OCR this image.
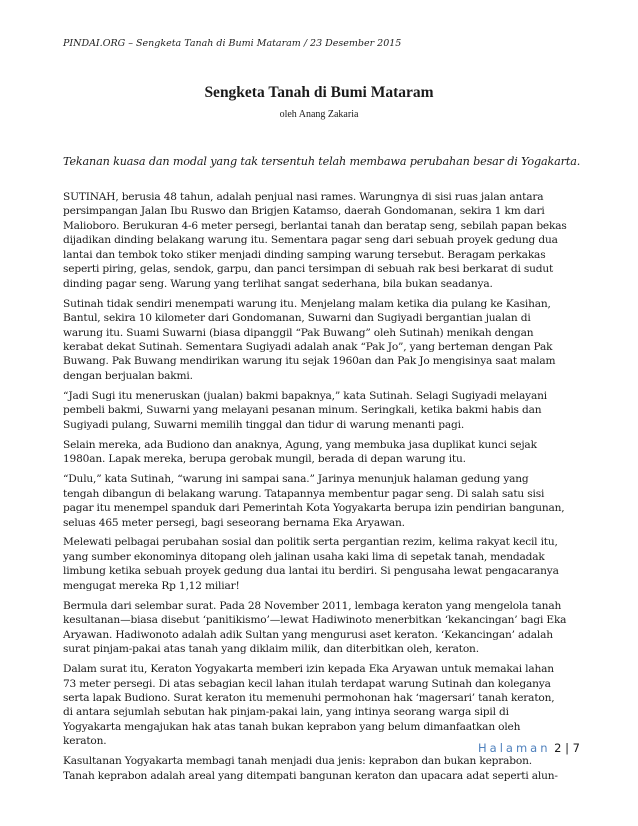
PINDAI.ORG – Sengketa Tanah di Bumi Mataram / 23 Desember 2015
Sengketa Tanah di Bumi Mataram
oleh Anang Zakaria
Tekanan kuasa dan modal yang tak tersentuh telah membawa perubahan besar di Yogakarta.

SUTINAH, berusia 48 tahun, adalah penjual nasi rames. Warungnya di sisi ruas jalan antara
persimpangan Jalan Ibu Ruswo dan Brigjen Katamso, daerah Gondomanan, sekira 1 km dari
Malioboro. Berukuran 4-6 meter persegi, berlantai tanah dan beratap seng, sebilah papan bekas
dijadikan dinding belakang warung itu. Sementara pagar seng dari sebuah proyek gedung dua
lantai dan tembok toko stiker menjadi dinding samping warung tersebut. Beragam perkakas
seperti piring, gelas, sendok, garpu, dan panci tersimpan di sebuah rak besi berkarat di sudut
dinding pagar seng. Warung yang terlihat sangat sederhana, bila bukan seadanya.

Sutinah tidak sendiri menempati warung itu. Menjelang malam ketika dia pulang ke Kasihan,
Bantul, sekira 10 kilometer dari Gondomanan, Suwarni dan Sugiyadi bergantian jualan di
warung itu. Suami Suwarni (biasa dipanggil “Pak Buwang” oleh Sutinah) menikah dengan
kerabat dekat Sutinah. Sementara Sugiyadi adalah anak “Pak Jo”, yang berteman dengan Pak
Buwang. Pak Buwang mendirikan warung itu sejak 1960an dan Pak Jo mengisinya saat malam
dengan berjualan bakmi.

“Jadi Sugi itu meneruskan (jualan) bakmi bapaknya,” kata Sutinah. Selagi Sugiyadi melayani
pembeli bakmi, Suwarni yang melayani pesanan minum. Seringkali, ketika bakmi habis dan
Sugiyadi pulang, Suwarni memilih tinggal dan tidur di warung menanti pagi.

Selain mereka, ada Budiono dan anaknya, Agung, yang membuka jasa duplikat kunci sejak
1980an. Lapak mereka, berupa gerobak mungil, berada di depan warung itu.

“Dulu,” kata Sutinah, “warung ini sampai sana.” Jarinya menunjuk halaman gedung yang
tengah dibangun di belakang warung. Tatapannya membentur pagar seng. Di salah satu sisi
pagar itu menempel spanduk dari Pemerintah Kota Yogyakarta berupa izin pendirian bangunan,
seluas 465 meter persegi, bagi seseorang bernama Eka Aryawan.

Melewati pelbagai perubahan sosial dan politik serta pergantian rezim, kelima rakyat kecil itu,
yang sumber ekonominya ditopang oleh jalinan usaha kaki lima di sepetak tanah, mendadak
limbung ketika sebuah proyek gedung dua lantai itu berdiri. Si pengusaha lewat pengacaranya
mengugat mereka Rp 1,12 miliar!

Bermula dari selembar surat. Pada 28 November 2011, lembaga keraton yang mengelola tanah
kesultanan—biasa disebut ‘panitikismo’—lewat Hadiwinoto menerbitkan ‘kekancingan’ bagi Eka
Aryawan. Hadiwonoto adalah adik Sultan yang mengurusi aset keraton. ‘Kekancingan’ adalah
surat pinjam-pakai atas tanah yang diklaim milik, dan diterbitkan oleh, keraton.

Dalam surat itu, Keraton Yogyakarta memberi izin kepada Eka Aryawan untuk memakai lahan
73 meter persegi. Di atas sebagian kecil lahan itulah terdapat warung Sutinah dan koleganya
serta lapak Budiono. Surat keraton itu memenuhi permohonan hak ‘magersari’ tanah keraton,
di antara sejumlah sebutan hak pinjam-pakai lain, yang intinya seorang warga sipil di
Yogyakarta mengajukan hak atas tanah bukan keprabon yang belum dimanfaatkan oleh
keraton.

Kasultanan Yogyakarta membagi tanah menjadi dua jenis: keprabon dan bukan keprabon.
Tanah keprabon adalah areal yang ditempati bangunan keraton dan upacara adat seperti alun-

Halaman 2 | 7
